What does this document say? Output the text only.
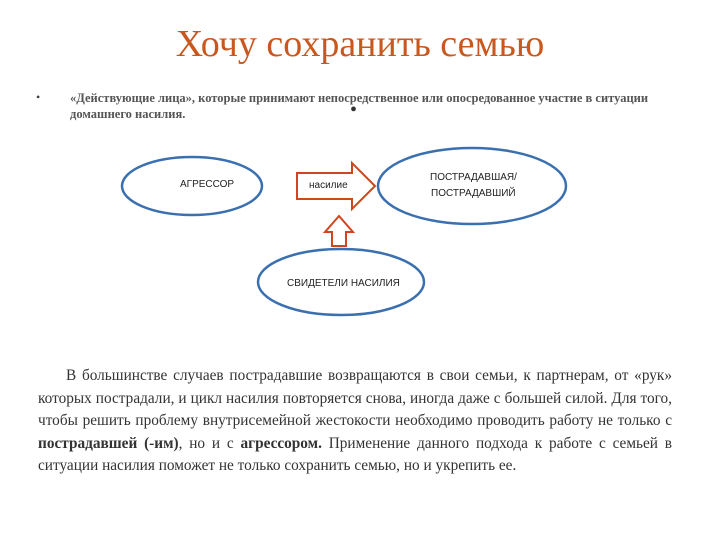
Хочу сохранить семью
• «Действующие лица», которые принимают непосредственное или опосредованное участие в ситуации домашнего насилия.	•
АГРЕССОР
ПОСТРАДАВШАЯ/
ПОСТРАДАВШИЙ
СВИДЕТЕЛИ НАСИЛИЯ
насилие
В большинстве случаев пострадавшие возвращаются в свои семьи, к партнерам, от «рук» которых пострадали, и цикл насилия повторяется снова, иногда даже с большей силой. Для того, чтобы решить проблему внутрисемейной жестокости необходимо проводить работу не только с пострадавшей (-им), но и с агрессором. Применение данного подхода к работе с семьей в ситуации насилия поможет не только сохранить семью, но и укрепить ее.
